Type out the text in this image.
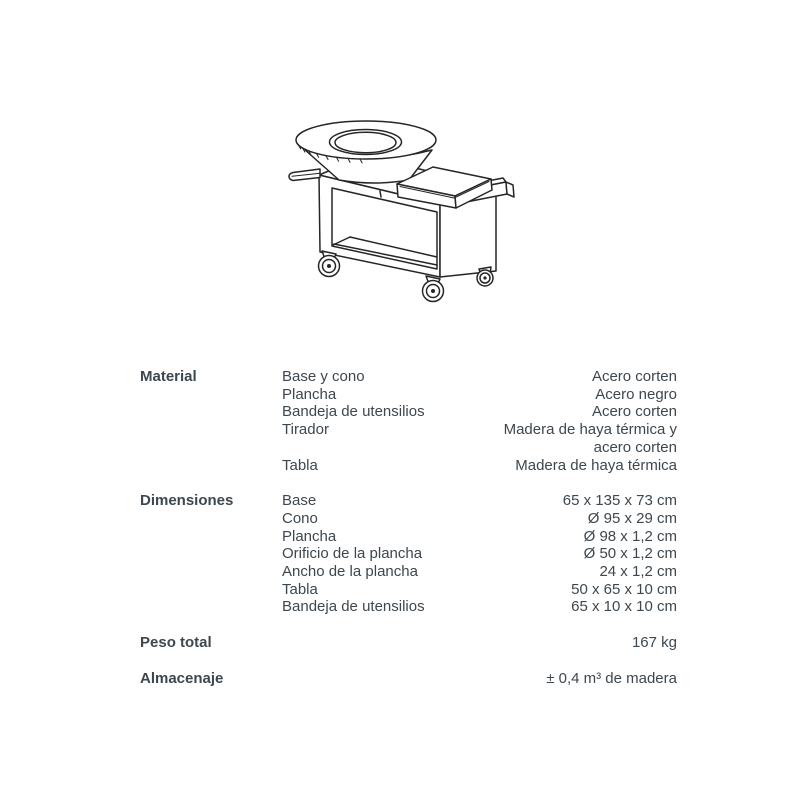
Material	Base y cono	Acero corten
Plancha	Acero negro
Bandeja de utensilios	Acero corten
Tirador	Madera de haya térmica y
acero corten
Tabla	Madera de haya térmica
Dimensiones	Base	65 x 135 x 73 cm
Cono	Ø 95 x 29 cm
Plancha	Ø 98 x 1,2 cm
Orificio de la plancha	Ø 50 x 1,2 cm
Ancho de la plancha	24 x 1,2 cm
Tabla	50 x 65 x 10 cm
Bandeja de utensilios	65 x 10 x 10 cm
Peso total	167 kg
Almacenaje	± 0,4 m³ de madera
